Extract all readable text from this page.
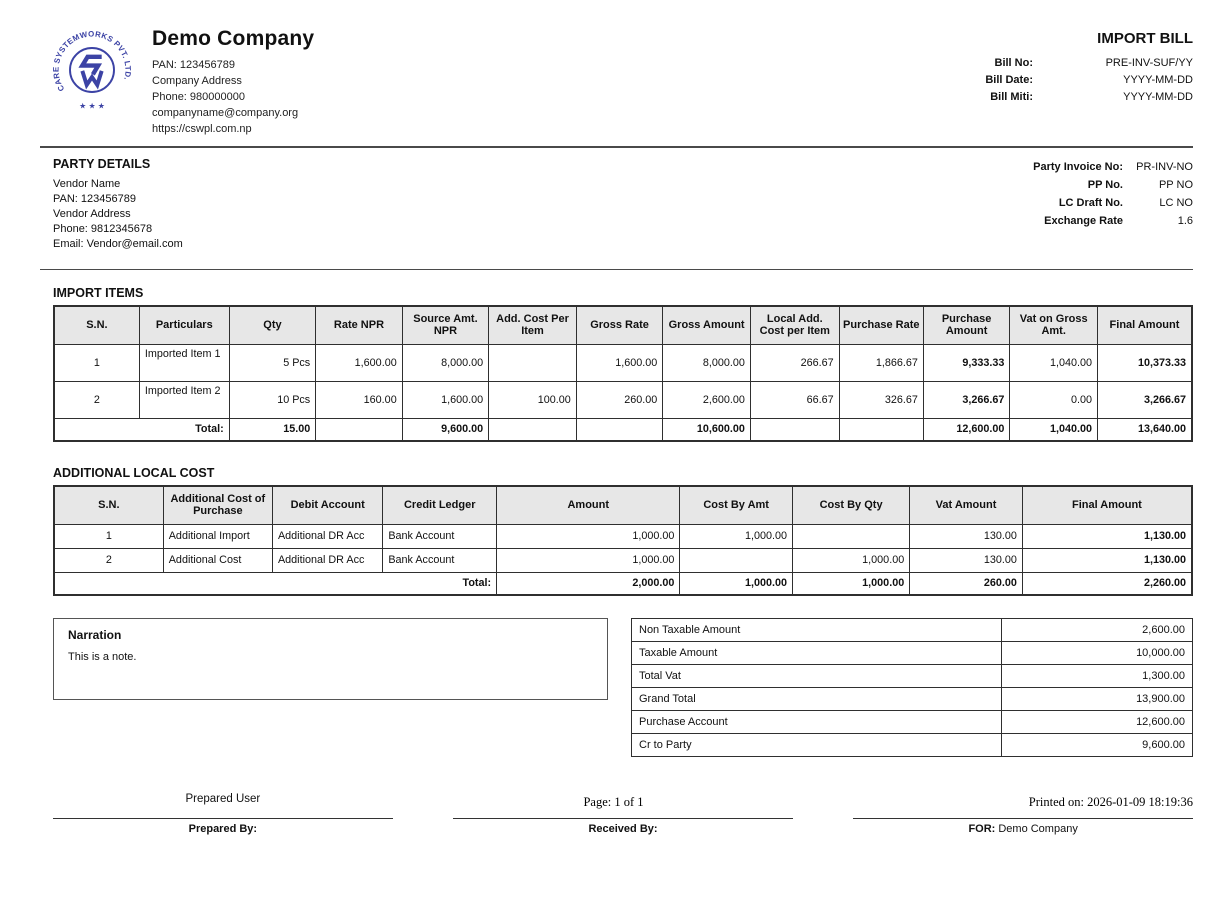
CARE SYSTEMWORKS PVT. LTD.
★ ★ ★
Demo Company
PAN: 123456789
Company Address
Phone: 980000000
companyname@company.org
https://cswpl.com.np
IMPORT BILL
Bill No:	PRE-INV-SUF/YY
Bill Date:	YYYY-MM-DD
Bill Miti:	YYYY-MM-DD
PARTY DETAILS
Vendor Name
PAN: 123456789
Vendor Address
Phone: 9812345678
Email: Vendor@email.com
Party Invoice No:	PR-INV-NO
PP No.	PP NO
LC Draft No.	LC NO
Exchange Rate	1.6
IMPORT ITEMS
S.N.	Particulars	Qty	Rate NPR	Source Amt. NPR	Add. Cost Per Item	Gross Rate	Gross Amount	Local Add. Cost per Item	Purchase Rate	Purchase Amount	Vat on Gross Amt.	Final Amount
1	Imported Item 1	5 Pcs	1,600.00	8,000.00		1,600.00	8,000.00	266.67	1,866.67	9,333.33	1,040.00	10,373.33
2	Imported Item 2	10 Pcs	160.00	1,600.00	100.00	260.00	2,600.00	66.67	326.67	3,266.67	0.00	3,266.67
Total:		15.00		9,600.00			10,600.00			12,600.00	1,040.00	13,640.00
ADDITIONAL LOCAL COST
S.N.	Additional Cost of Purchase	Debit Account	Credit Ledger	Amount	Cost By Amt	Cost By Qty	Vat Amount	Final Amount
1	Additional Import	Additional DR Acc	Bank Account	1,000.00	1,000.00		130.00	1,130.00
2	Additional Cost	Additional DR Acc	Bank Account	1,000.00		1,000.00	130.00	1,130.00
Total:				2,000.00	1,000.00	1,000.00	260.00	2,260.00
Narration
This is a note.
Non Taxable Amount	2,600.00
Taxable Amount	10,000.00
Total Vat	1,300.00
Grand Total	13,900.00
Purchase Account	12,600.00
Cr to Party	9,600.00
Prepared User
Prepared By:	Received By:	FOR: Demo Company
Page: 1 of 1	Printed on: 2026-01-09 18:19:36
